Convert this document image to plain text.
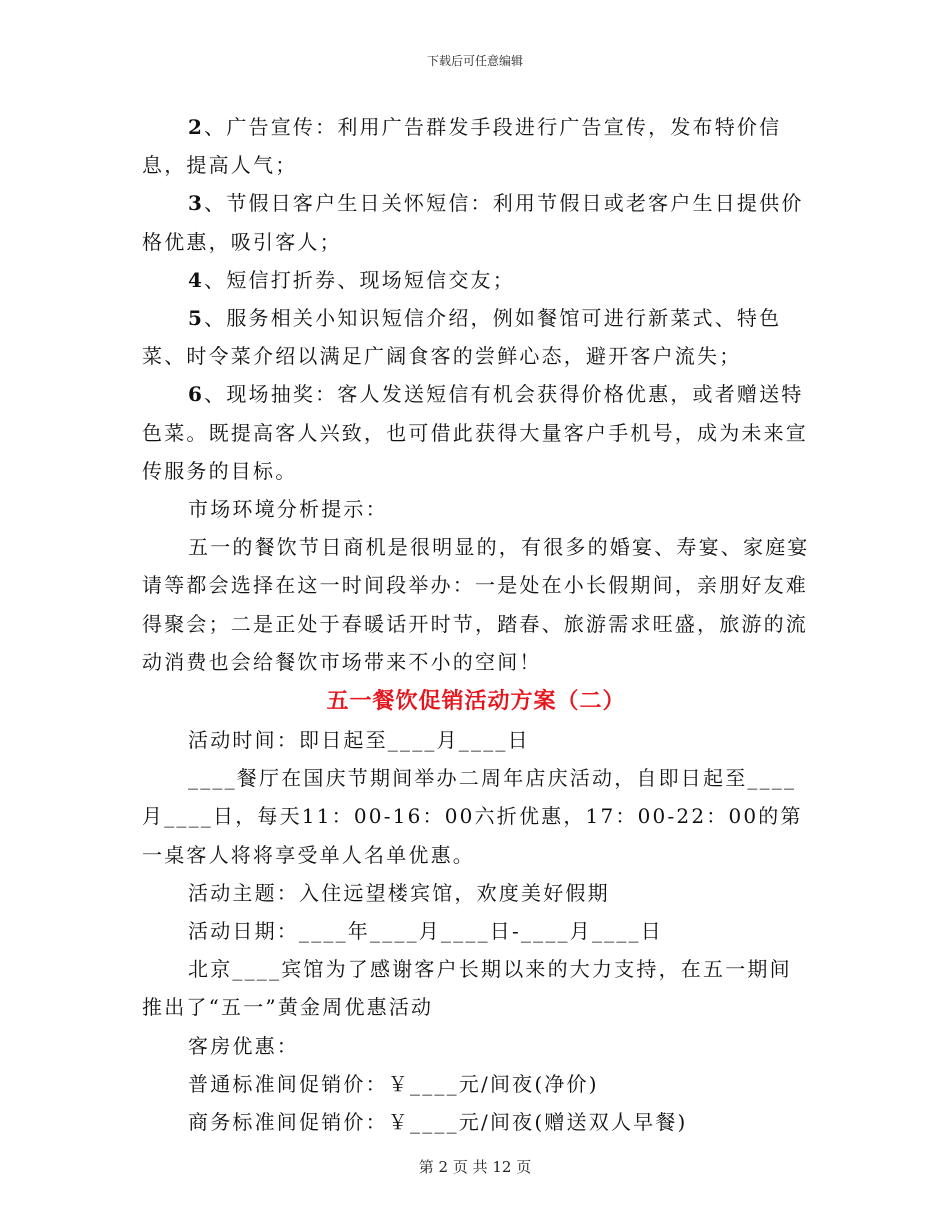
下载后可任意编辑

2、广告宣传：利用广告群发手段进行广告宣传，发布特价信息，提高人气；

3、节假日客户生日关怀短信：利用节假日或老客户生日提供价格优惠，吸引客人；

4、短信打折券、现场短信交友；

5、服务相关小知识短信介绍，例如餐馆可进行新菜式、特色菜、时令菜介绍以满足广阔食客的尝鲜心态，避开客户流失；

6、现场抽奖：客人发送短信有机会获得价格优惠，或者赠送特色菜。既提高客人兴致，也可借此获得大量客户手机号，成为未来宣传服务的目标。

市场环境分析提示：

五一的餐饮节日商机是很明显的，有很多的婚宴、寿宴、家庭宴请等都会选择在这一时间段举办：一是处在小长假期间，亲朋好友难得聚会；二是正处于春暖话开时节，踏春、旅游需求旺盛，旅游的流动消费也会给餐饮市场带来不小的空间！

五一餐饮促销活动方案（二）

活动时间：即日起至____月____日

____餐厅在国庆节期间举办二周年店庆活动，自即日起至____月____日，每天11：00-16：00六折优惠，17：00-22：00的第一桌客人将将享受单人名单优惠。

活动主题：入住远望楼宾馆，欢度美好假期

活动日期：____年____月____日-____月____日

北京____宾馆为了感谢客户长期以来的大力支持，在五一期间推出了“五一”黄金周优惠活动

客房优惠：

普通标准间促销价：￥____元/间夜(净价)

商务标准间促销价：￥____元/间夜(赠送双人早餐)

第 2 页 共 12 页
